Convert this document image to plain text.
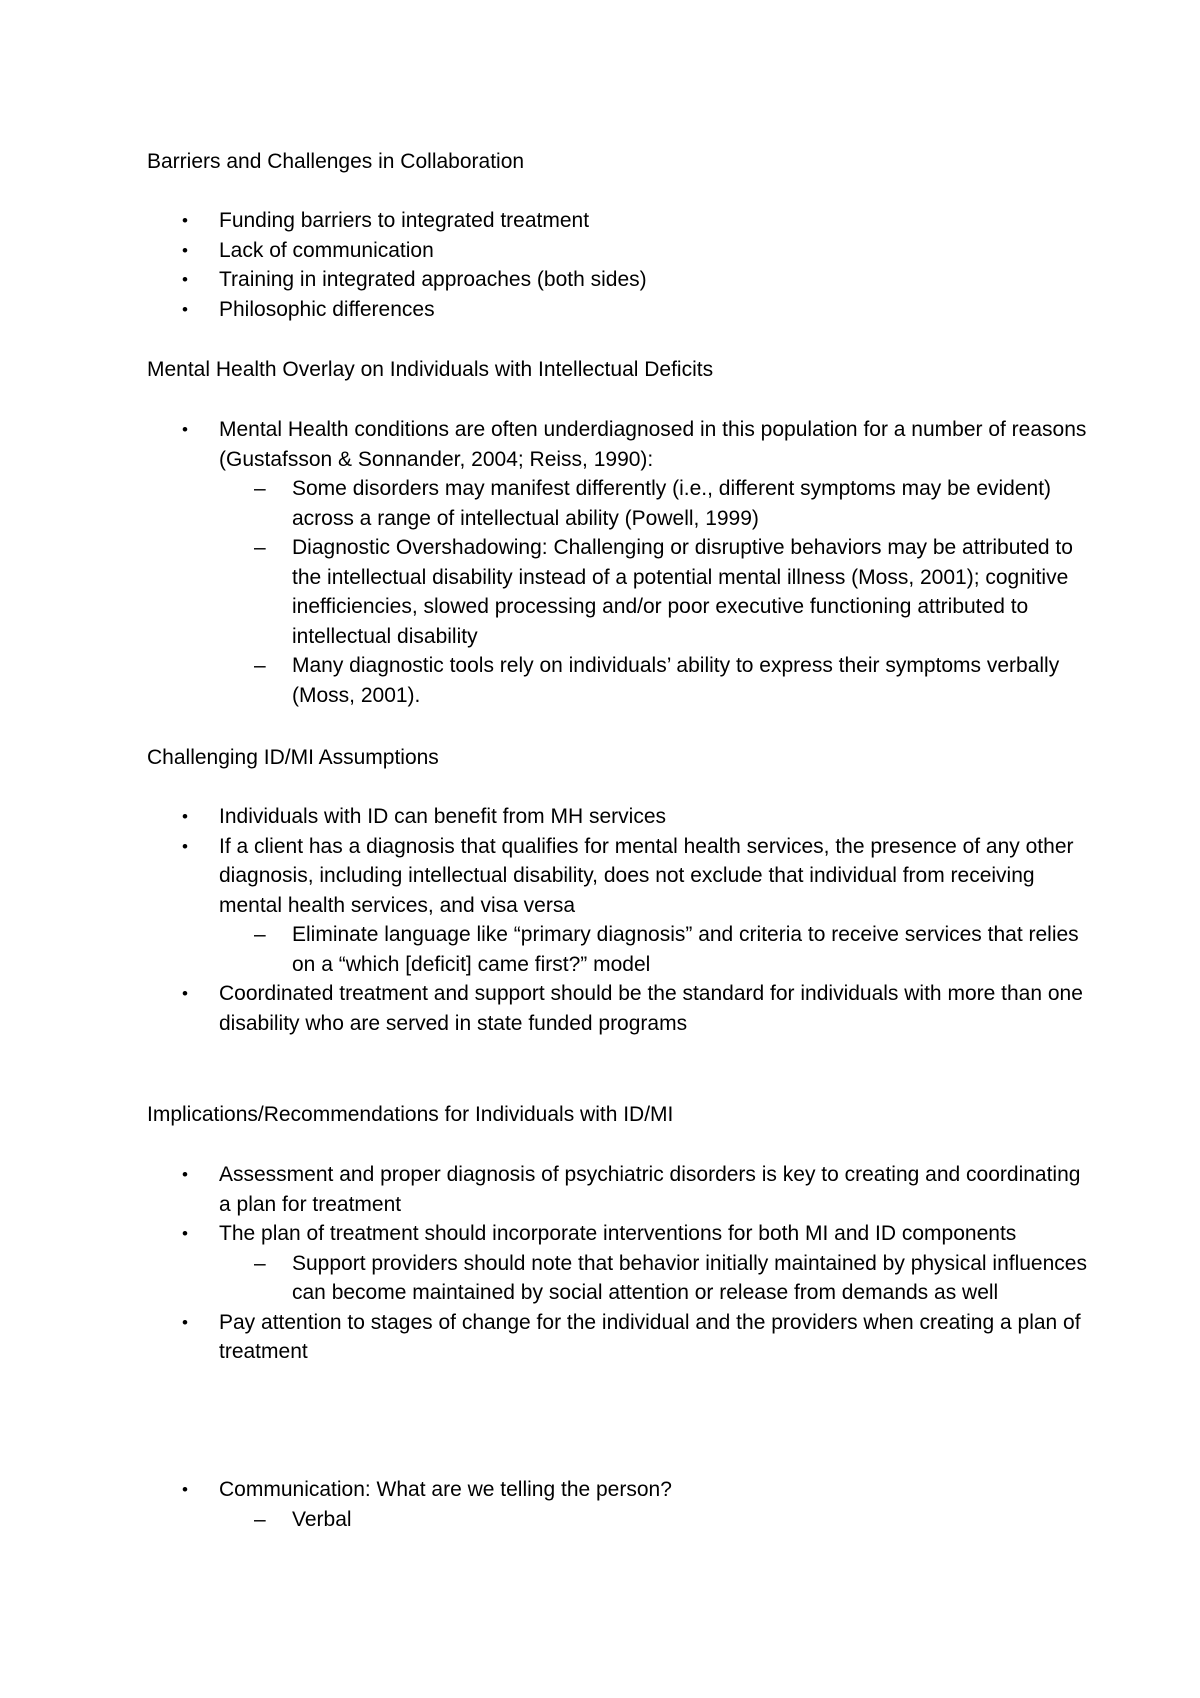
Barriers and Challenges in Collaboration

• Funding barriers to integrated treatment
• Lack of communication
• Training in integrated approaches (both sides)
• Philosophic differences

Mental Health Overlay on Individuals with Intellectual Deficits

• Mental Health conditions are often underdiagnosed in this population for a number of reasons (Gustafsson & Sonnander, 2004; Reiss, 1990):
– Some disorders may manifest differently (i.e., different symptoms may be evident) across a range of intellectual ability (Powell, 1999)
– Diagnostic Overshadowing: Challenging or disruptive behaviors may be attributed to the intellectual disability instead of a potential mental illness (Moss, 2001); cognitive inefficiencies, slowed processing and/or poor executive functioning attributed to intellectual disability
– Many diagnostic tools rely on individuals’ ability to express their symptoms verbally (Moss, 2001).

Challenging ID/MI Assumptions

• Individuals with ID can benefit from MH services
• If a client has a diagnosis that qualifies for mental health services, the presence of any other diagnosis, including intellectual disability, does not exclude that individual from receiving mental health services, and visa versa
– Eliminate language like “primary diagnosis” and criteria to receive services that relies on a “which [deficit] came first?” model
• Coordinated treatment and support should be the standard for individuals with more than one disability who are served in state funded programs

Implications/Recommendations for Individuals with ID/MI

• Assessment and proper diagnosis of psychiatric disorders is key to creating and coordinating a plan for treatment
• The plan of treatment should incorporate interventions for both MI and ID components
– Support providers should note that behavior initially maintained by physical influences can become maintained by social attention or release from demands as well
• Pay attention to stages of change for the individual and the providers when creating a plan of treatment
• Communication: What are we telling the person?
– Verbal
